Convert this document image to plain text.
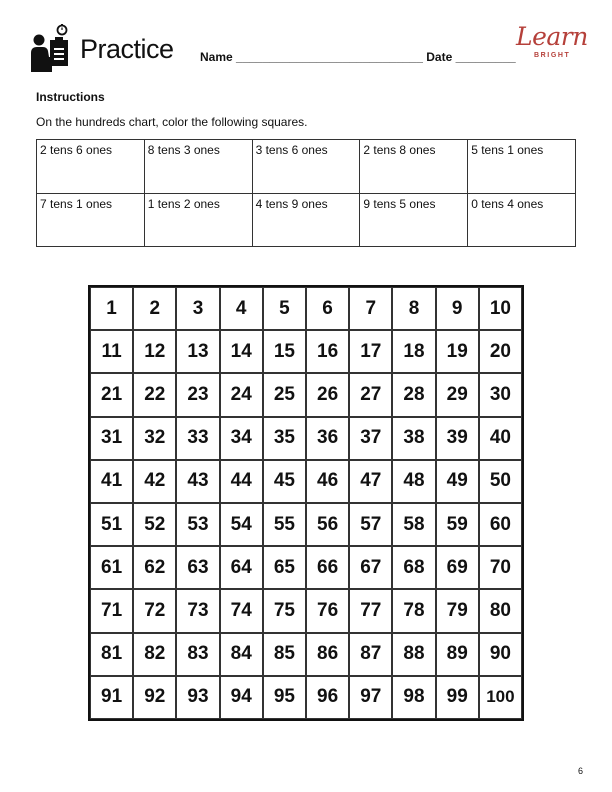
Practice Name ____________________________ Date _________
Learn
BRIGHT
Instructions
On the hundreds chart, color the following squares.
2 tens 6 ones	8 tens 3 ones	3 tens 6 ones	2 tens 8 ones	5 tens 1 ones
7 tens 1 ones	1 tens 2 ones	4 tens 9 ones	9 tens 5 ones	0 tens 4 ones
1	2	3	4	5	6	7	8	9	10
11	12	13	14	15	16	17	18	19	20
21	22	23	24	25	26	27	28	29	30
31	32	33	34	35	36	37	38	39	40
41	42	43	44	45	46	47	48	49	50
51	52	53	54	55	56	57	58	59	60
61	62	63	64	65	66	67	68	69	70
71	72	73	74	75	76	77	78	79	80
81	82	83	84	85	86	87	88	89	90
91	92	93	94	95	96	97	98	99	100
6
